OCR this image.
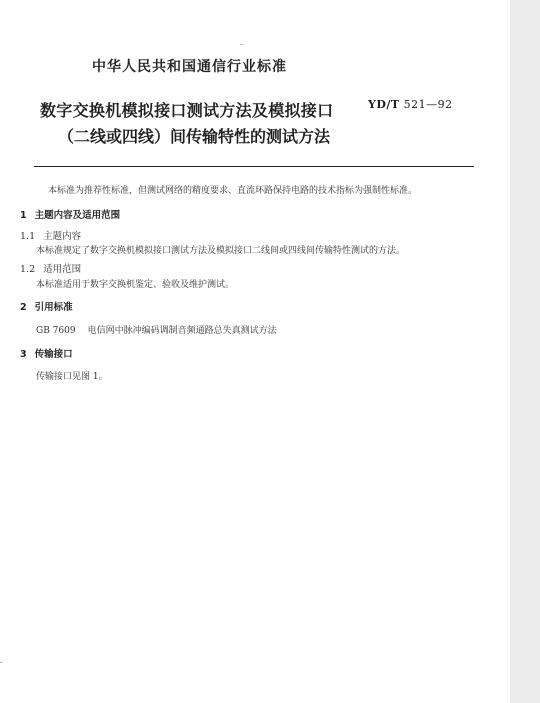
中华人民共和国通信行业标准
数字交换机模拟接口测试方法及模拟接口
（二线或四线）间传输特性的测试方法
YD/T 521—92
本标准为推荐性标准，但测试网络的精度要求、直流环路保持电路的技术指标为强制性标准。
1 主题内容及适用范围
1.1 主题内容
本标准规定了数字交换机模拟接口测试方法及模拟接口二线间或四线间传输特性测试的方法。
1.2 适用范围
本标准适用于数字交换机鉴定、验收及维护测试。
2 引用标准
GB 7609 电信网中脉冲编码调制音频通路总失真测试方法
3 传输接口
传输接口见图 1。
